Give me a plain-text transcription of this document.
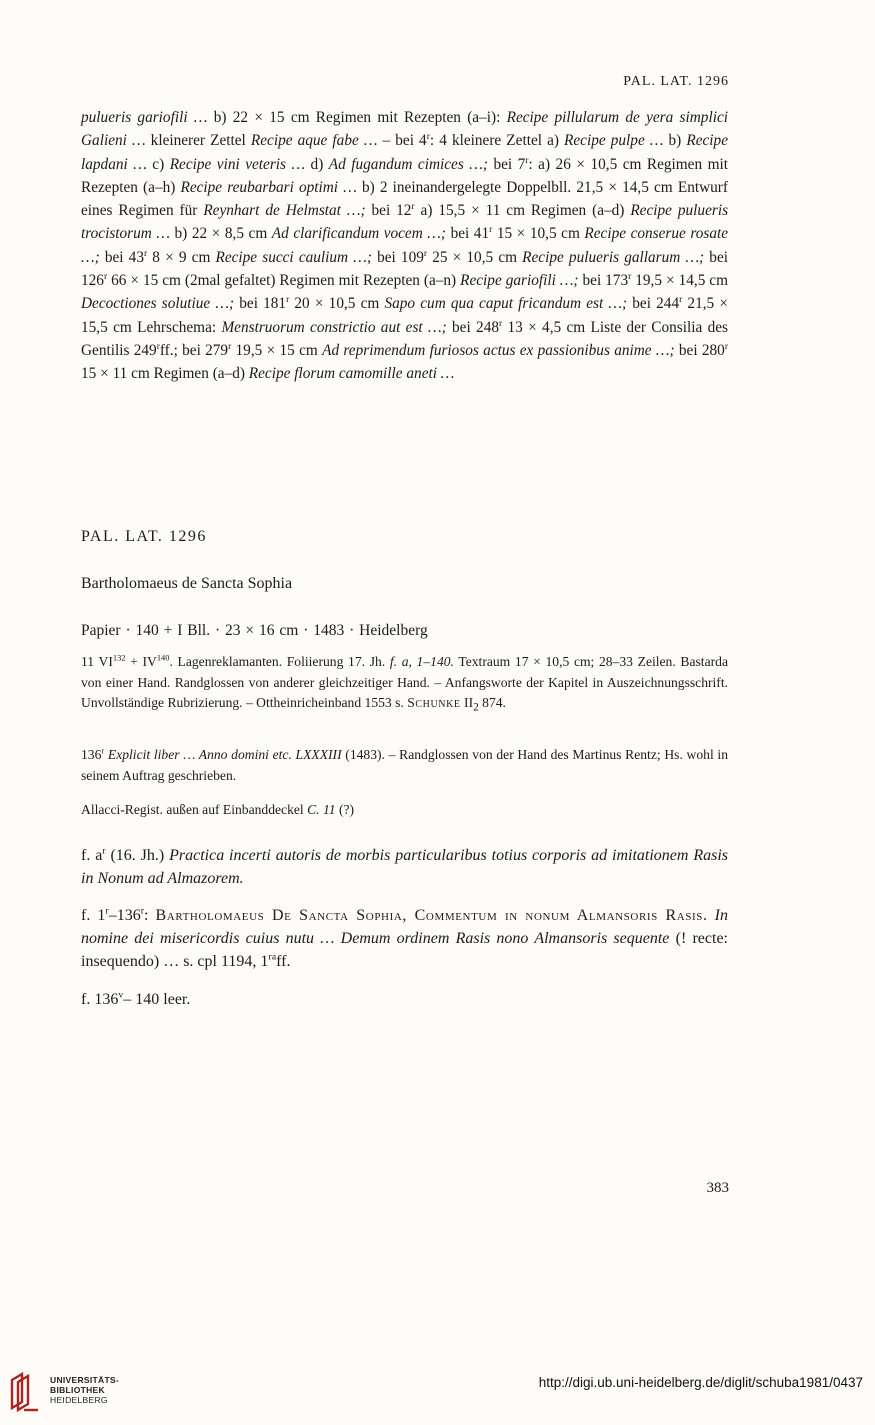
PAL. LAT. 1296
pulueris gariofili … b) 22 × 15 cm Regimen mit Rezepten (a–i): Recipe pillularum de yera simplici Galieni … kleinerer Zettel Recipe aque fabe … – bei 4$^r$: 4 kleinere Zettel a) Recipe pulpe … b) Recipe lapdani … c) Recipe vini veteris … d) Ad fugandum cimices …; bei 7$^r$: a) 26 × 10,5 cm Regimen mit Rezepten (a–h) Recipe reubarbari optimi … b) 2 ineinandergelegte Doppelbll. 21,5 × 14,5 cm Entwurf eines Regimen für Reynhart de Helmstat …; bei 12$^r$ a) 15,5 × 11 cm Regimen (a–d) Recipe pulueris trocistorum … b) 22 × 8,5 cm Ad clarificandum vocem …; bei 41$^r$ 15 × 10,5 cm Recipe conserue rosate …; bei 43$^r$ 8 × 9 cm Recipe succi caulium …; bei 109$^r$ 25 × 10,5 cm Recipe pulueris gallarum …; bei 126$^r$ 66 × 15 cm (2mal gefaltet) Regimen mit Rezepten (a–n) Recipe gariofili …; bei 173$^r$ 19,5 × 14,5 cm Decoctiones solutiue …; bei 181$^r$ 20 × 10,5 cm Sapo cum qua caput fricandum est …; bei 244$^r$ 21,5 × 15,5 cm Lehrschema: Menstruorum constrictio aut est …; bei 248$^r$ 13 × 4,5 cm Liste der Consilia des Gentilis 249$^r$ff.; bei 279$^r$ 19,5 × 15 cm Ad reprimendum furiosos actus ex passionibus anime …; bei 280$^r$ 15 × 11 cm Regimen (a–d) Recipe florum camomille aneti …
PAL. LAT. 1296
Bartholomaeus de Sancta Sophia
Papier · 140 + I Bll. · 23 × 16 cm · 1483 · Heidelberg
11 $VI^{132} + IV^{140}$. Lagenreklamanten. Foliierung 17. Jh. f. a, 1–140. Textraum 17 × 10,5 cm; 28–33 Zeilen. Bastarda von einer Hand. Randglossen von anderer gleichzeitiger Hand. – Anfangsworte der Kapitel in Auszeichnungsschrift. Unvollständige Rubrizierung. – Ottheinricheinband 1553 s. Schunke $II_2$ 874.
136$^r$ Explicit liber … Anno domini etc. LXXXIII (1483). – Randglossen von der Hand des Martinus Rentz; Hs. wohl in seinem Auftrag geschrieben.
Allacci-Regist. außen auf Einbanddeckel C. 11 (?)
f. $a^r$ (16. Jh.) Practica incerti autoris de morbis particularibus totius corporis ad imitationem Rasis in Nonum ad Almazorem.
f. 1$^r$–136$^r$: Bartholomaeus De Sancta Sophia, Commentum in nonum Almansoris Rasis. In nomine dei misericordis cuius nutu … Demum ordinem Rasis nono Almansoris sequente (! recte: insequendo) … s. cpl 1194, $1^{ra}ff$.
f. 136$^v$– 140 leer.
383
UNIVERSITÄTS-
BIBLIOTHEK
HEIDELBERG
http://digi.ub.uni-heidelberg.de/diglit/schuba1981/0437
